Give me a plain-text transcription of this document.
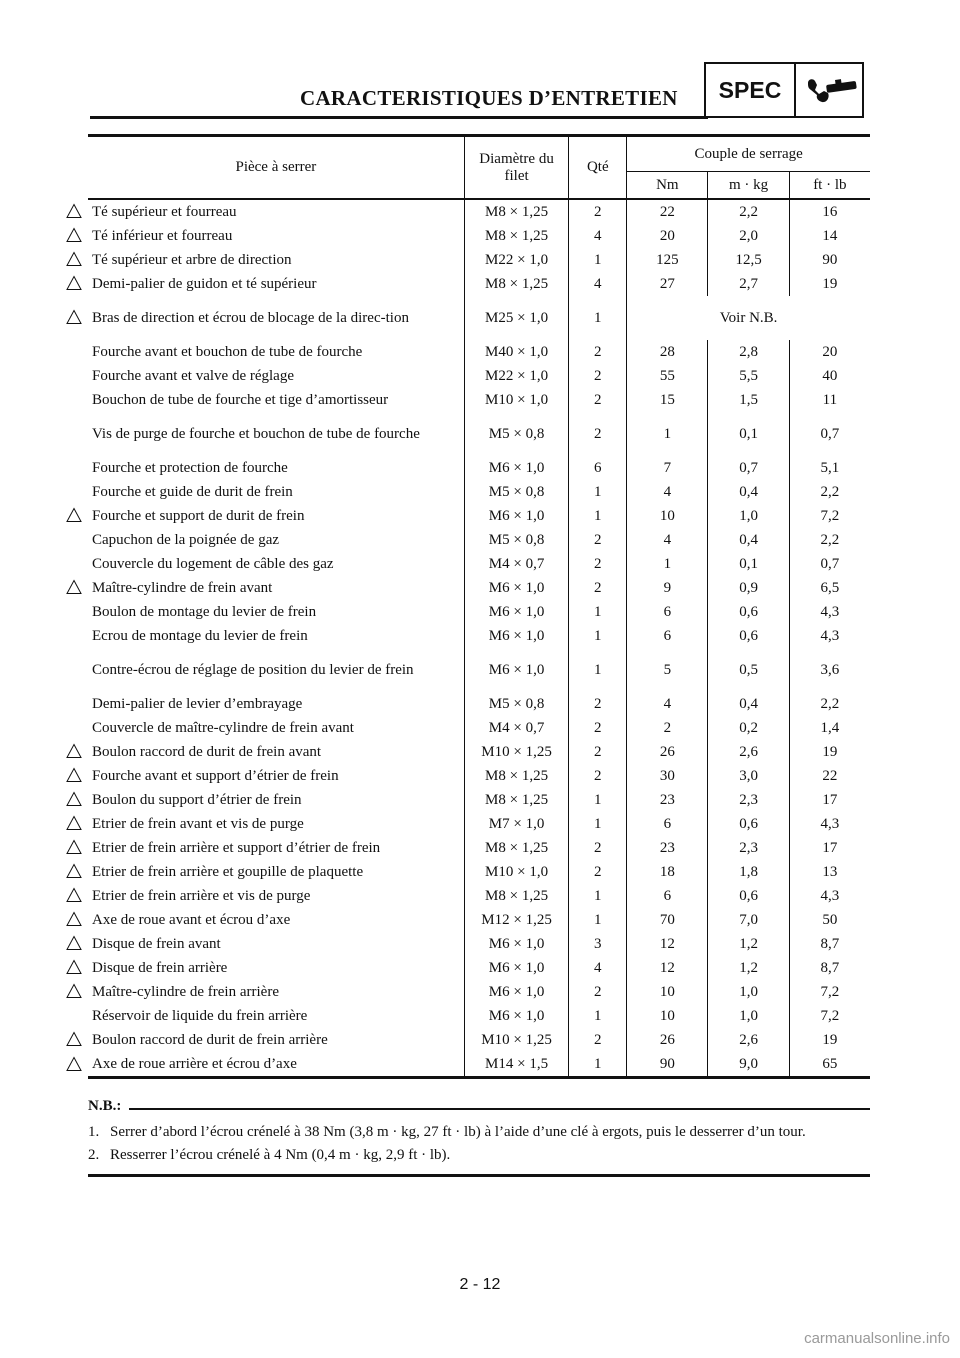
CARACTERISTIQUES D’ENTRETIEN	SPEC
Pièce à serrer	Diamètre du filet	Qté	Couple de serrage		
			Nm	m · kg	ft · lb
Té supérieur et fourreau	M8 × 1,25	2	22	2,2	16
Té inférieur et fourreau	M8 × 1,25	4	20	2,0	14
Té supérieur et arbre de direction	M22 × 1,0	1	125	12,5	90
Demi-palier de guidon et té supérieur	M8 × 1,25	4	27	2,7	19
Bras de direction et écrou de blocage de la direc-tion	M25 × 1,0	1	Voir N.B.		
Fourche avant et bouchon de tube de fourche	M40 × 1,0	2	28	2,8	20
Fourche avant et valve de réglage	M22 × 1,0	2	55	5,5	40
Bouchon de tube de fourche et tige d’amortisseur	M10 × 1,0	2	15	1,5	11
Vis de purge de fourche et bouchon de tube de fourche	M5 × 0,8	2	1	0,1	0,7
Fourche et protection de fourche	M6 × 1,0	6	7	0,7	5,1
Fourche et guide de durit de frein	M5 × 0,8	1	4	0,4	2,2
Fourche et support de durit de frein	M6 × 1,0	1	10	1,0	7,2
Capuchon de la poignée de gaz	M5 × 0,8	2	4	0,4	2,2
Couvercle du logement de câble des gaz	M4 × 0,7	2	1	0,1	0,7
Maître-cylindre de frein avant	M6 × 1,0	2	9	0,9	6,5
Boulon de montage du levier de frein	M6 × 1,0	1	6	0,6	4,3
Ecrou de montage du levier de frein	M6 × 1,0	1	6	0,6	4,3
Contre-écrou de réglage de position du levier de frein	M6 × 1,0	1	5	0,5	3,6
Demi-palier de levier d’embrayage	M5 × 0,8	2	4	0,4	2,2
Couvercle de maître-cylindre de frein avant	M4 × 0,7	2	2	0,2	1,4
Boulon raccord de durit de frein avant	M10 × 1,25	2	26	2,6	19
Fourche avant et support d’étrier de frein	M8 × 1,25	2	30	3,0	22
Boulon du support d’étrier de frein	M8 × 1,25	1	23	2,3	17
Etrier de frein avant et vis de purge	M7 × 1,0	1	6	0,6	4,3
Etrier de frein arrière et support d’étrier de frein	M8 × 1,25	2	23	2,3	17
Etrier de frein arrière et goupille de plaquette	M10 × 1,0	2	18	1,8	13
Etrier de frein arrière et vis de purge	M8 × 1,25	1	6	0,6	4,3
Axe de roue avant et écrou d’axe	M12 × 1,25	1	70	7,0	50
Disque de frein avant	M6 × 1,0	3	12	1,2	8,7
Disque de frein arrière	M6 × 1,0	4	12	1,2	8,7
Maître-cylindre de frein arrière	M6 × 1,0	2	10	1,0	7,2
Réservoir de liquide du frein arrière	M6 × 1,0	1	10	1,0	7,2
Boulon raccord de durit de frein arrière	M10 × 1,25	2	26	2,6	19
Axe de roue arrière et écrou d’axe	M14 × 1,5	1	90	9,0	65
N.B.:
1. Serrer d’abord l’écrou crénelé à 38 Nm (3,8 m · kg, 27 ft · lb) à l’aide d’une clé à ergots, puis le desserrer d’un tour.
2. Resserrer l’écrou crénelé à 4 Nm (0,4 m · kg, 2,9 ft · lb).
2 - 12
carmanualsonline.info
